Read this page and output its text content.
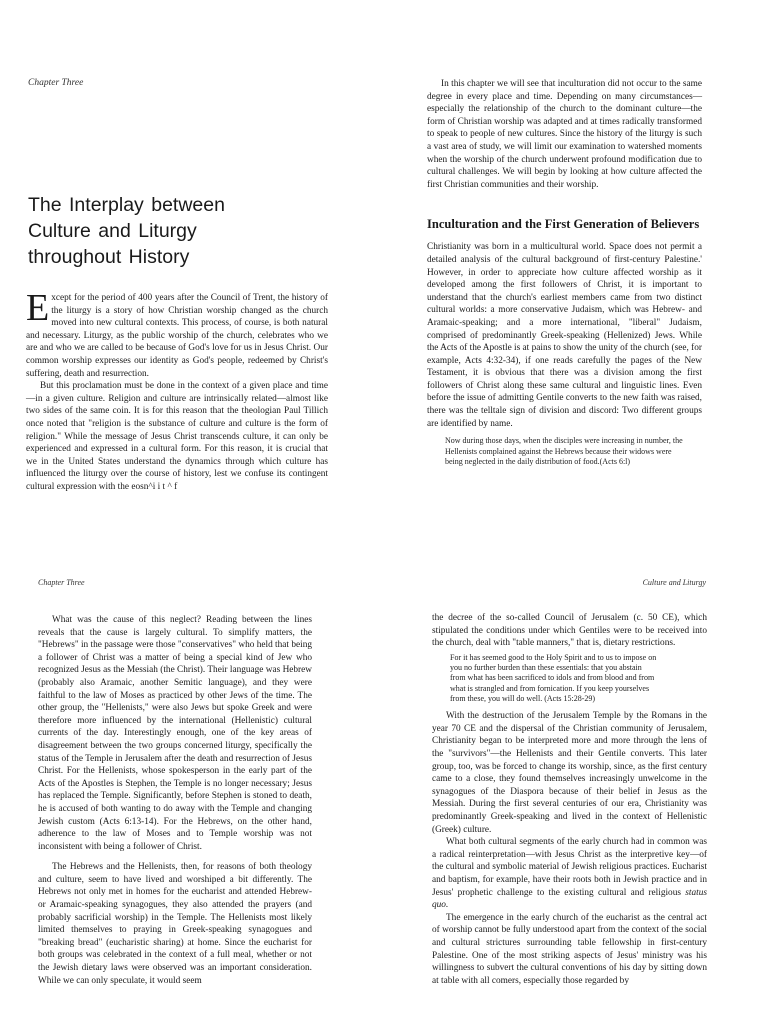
Chapter Three
The Interplay between
Culture and Liturgy
throughout History

Except for the period of 400 years after the Council of Trent, the history of the liturgy is a story of how Christian worship changed as the church moved into new cultural contexts. This process, of course, is both natural and necessary. Liturgy, as the public worship of the church, celebrates who we are and who we are called to be because of God's love for us in Jesus Christ. Our common worship expresses our identity as God's people, redeemed by Christ's suffering, death and resurrection.

But this proclamation must be done in the context of a given place and time—in a given culture. Religion and culture are intrinsically related—almost like two sides of the same coin. It is for this reason that the theologian Paul Tillich once noted that "religion is the substance of culture and culture is the form of religion." While the message of Jesus Christ transcends culture, it can only be experienced and expressed in a cultural form. For this reason, it is crucial that we in the United States understand the dynamics through which culture has influenced the liturgy over the course of history, lest we confuse its contingent cultural expression with the eosn^i i t ^ f

In this chapter we will see that inculturation did not occur to the same degree in every place and time. Depending on many circumstances—especially the relationship of the church to the dominant culture—the form of Christian worship was adapted and at times radically transformed to speak to people of new cultures. Since the history of the liturgy is such a vast area of study, we will limit our examination to watershed moments when the worship of the church underwent profound modification due to cultural challenges. We will begin by looking at how culture affected the first Christian communities and their worship.

Inculturation and the First Generation of Believers

Christianity was born in a multicultural world. Space does not permit a detailed analysis of the cultural background of first-century Palestine.' However, in order to appreciate how culture affected worship as it developed among the first followers of Christ, it is important to understand that the church's earliest members came from two distinct cultural worlds: a more conservative Judaism, which was Hebrew- and Aramaic-speaking; and a more international, "liberal" Judaism, comprised of predominantly Greek-speaking (Hellenized) Jews. While the Acts of the Apostle is at pains to show the unity of the church (see, for example, Acts 4:32-34), if one reads carefully the pages of the New Testament, it is obvious that there was a division among the first followers of Christ along these same cultural and linguistic lines. Even before the issue of admitting Gentile converts to the new faith was raised, there was the telltale sign of division and discord: Two different groups are identified by name.

Now during those days, when the disciples were increasing in number, the Hellenists complained against the Hebrews because their widows were being neglected in the daily distribution of food.(Acts 6:l)

Chapter Three	Culture and Liturgy

What was the cause of this neglect? Reading between the lines reveals that the cause is largely cultural. To simplify matters, the "Hebrews" in the passage were those "conservatives" who held that being a follower of Christ was a matter of being a special kind of Jew who recognized Jesus as the Messiah (the Christ). Their language was Hebrew (probably also Aramaic, another Semitic language), and they were faithful to the law of Moses as practiced by other Jews of the time. The other group, the "Hellenists," were also Jews but spoke Greek and were therefore more influenced by the international (Hellenistic) cultural currents of the day. Interestingly enough, one of the key areas of disagreement between the two groups concerned liturgy, specifically the status of the Temple in Jerusalem after the death and resurrection of Jesus Christ. For the Hellenists, whose spokesperson in the early part of the Acts of the Apostles is Stephen, the Temple is no longer necessary; Jesus has replaced the Temple. Significantly, before Stephen is stoned to death, he is accused of both wanting to do away with the Temple and changing Jewish custom (Acts 6:13-14). For the Hebrews, on the other hand, adherence to the law of Moses and to Temple worship was not inconsistent with being a follower of Christ.

The Hebrews and the Hellenists, then, for reasons of both theology and culture, seem to have lived and worshiped a bit differently. The Hebrews not only met in homes for the eucharist and attended Hebrew- or Aramaic-speaking synagogues, they also attended the prayers (and probably sacrificial worship) in the Temple. The Hellenists most likely limited themselves to praying in Greek-speaking synagogues and "breaking bread" (eucharistic sharing) at home. Since the eucharist for both groups was celebrated in the context of a full meal, whether or not the Jewish dietary laws were observed was an important consideration. While we can only speculate, it would seem

the decree of the so-called Council of Jerusalem (c. 50 CE), which stipulated the conditions under which Gentiles were to be received into the church, deal with "table manners," that is, dietary restrictions.

For it has seemed good to the Holy Spirit and to us to impose on
you no further burden than these essentials: that you abstain
from what has been sacrificed to idols and from blood and from
what is strangled and from fornication. If you keep yourselves
from these, you will do well. (Acts 15:28-29)

With the destruction of the Jerusalem Temple by the Romans in the year 70 CE and the dispersal of the Christian community of Jerusalem, Christianity began to be interpreted more and more through the lens of the "survivors"—the Hellenists and their Gentile converts. This later group, too, was be forced to change its worship, since, as the first century came to a close, they found themselves increasingly unwelcome in the synagogues of the Diaspora because of their belief in Jesus as the Messiah. During the first several centuries of our era, Christianity was predominantly Greek-speaking and lived in the context of Hellenistic (Greek) culture.

What both cultural segments of the early church had in common was a radical reinterpretation—with Jesus Christ as the interpretive key—of the cultural and symbolic material of Jewish religious practices. Eucharist and baptism, for example, have their roots both in Jewish practice and in Jesus' prophetic challenge to the existing cultural and religious status quo.

The emergence in the early church of the eucharist as the central act of worship cannot be fully understood apart from the context of the social and cultural strictures surrounding table fellowship in first-century Palestine. One of the most striking aspects of Jesus' ministry was his willingness to subvert the cultural conventions of his day by sitting down at table with all comers, especially those regarded by
